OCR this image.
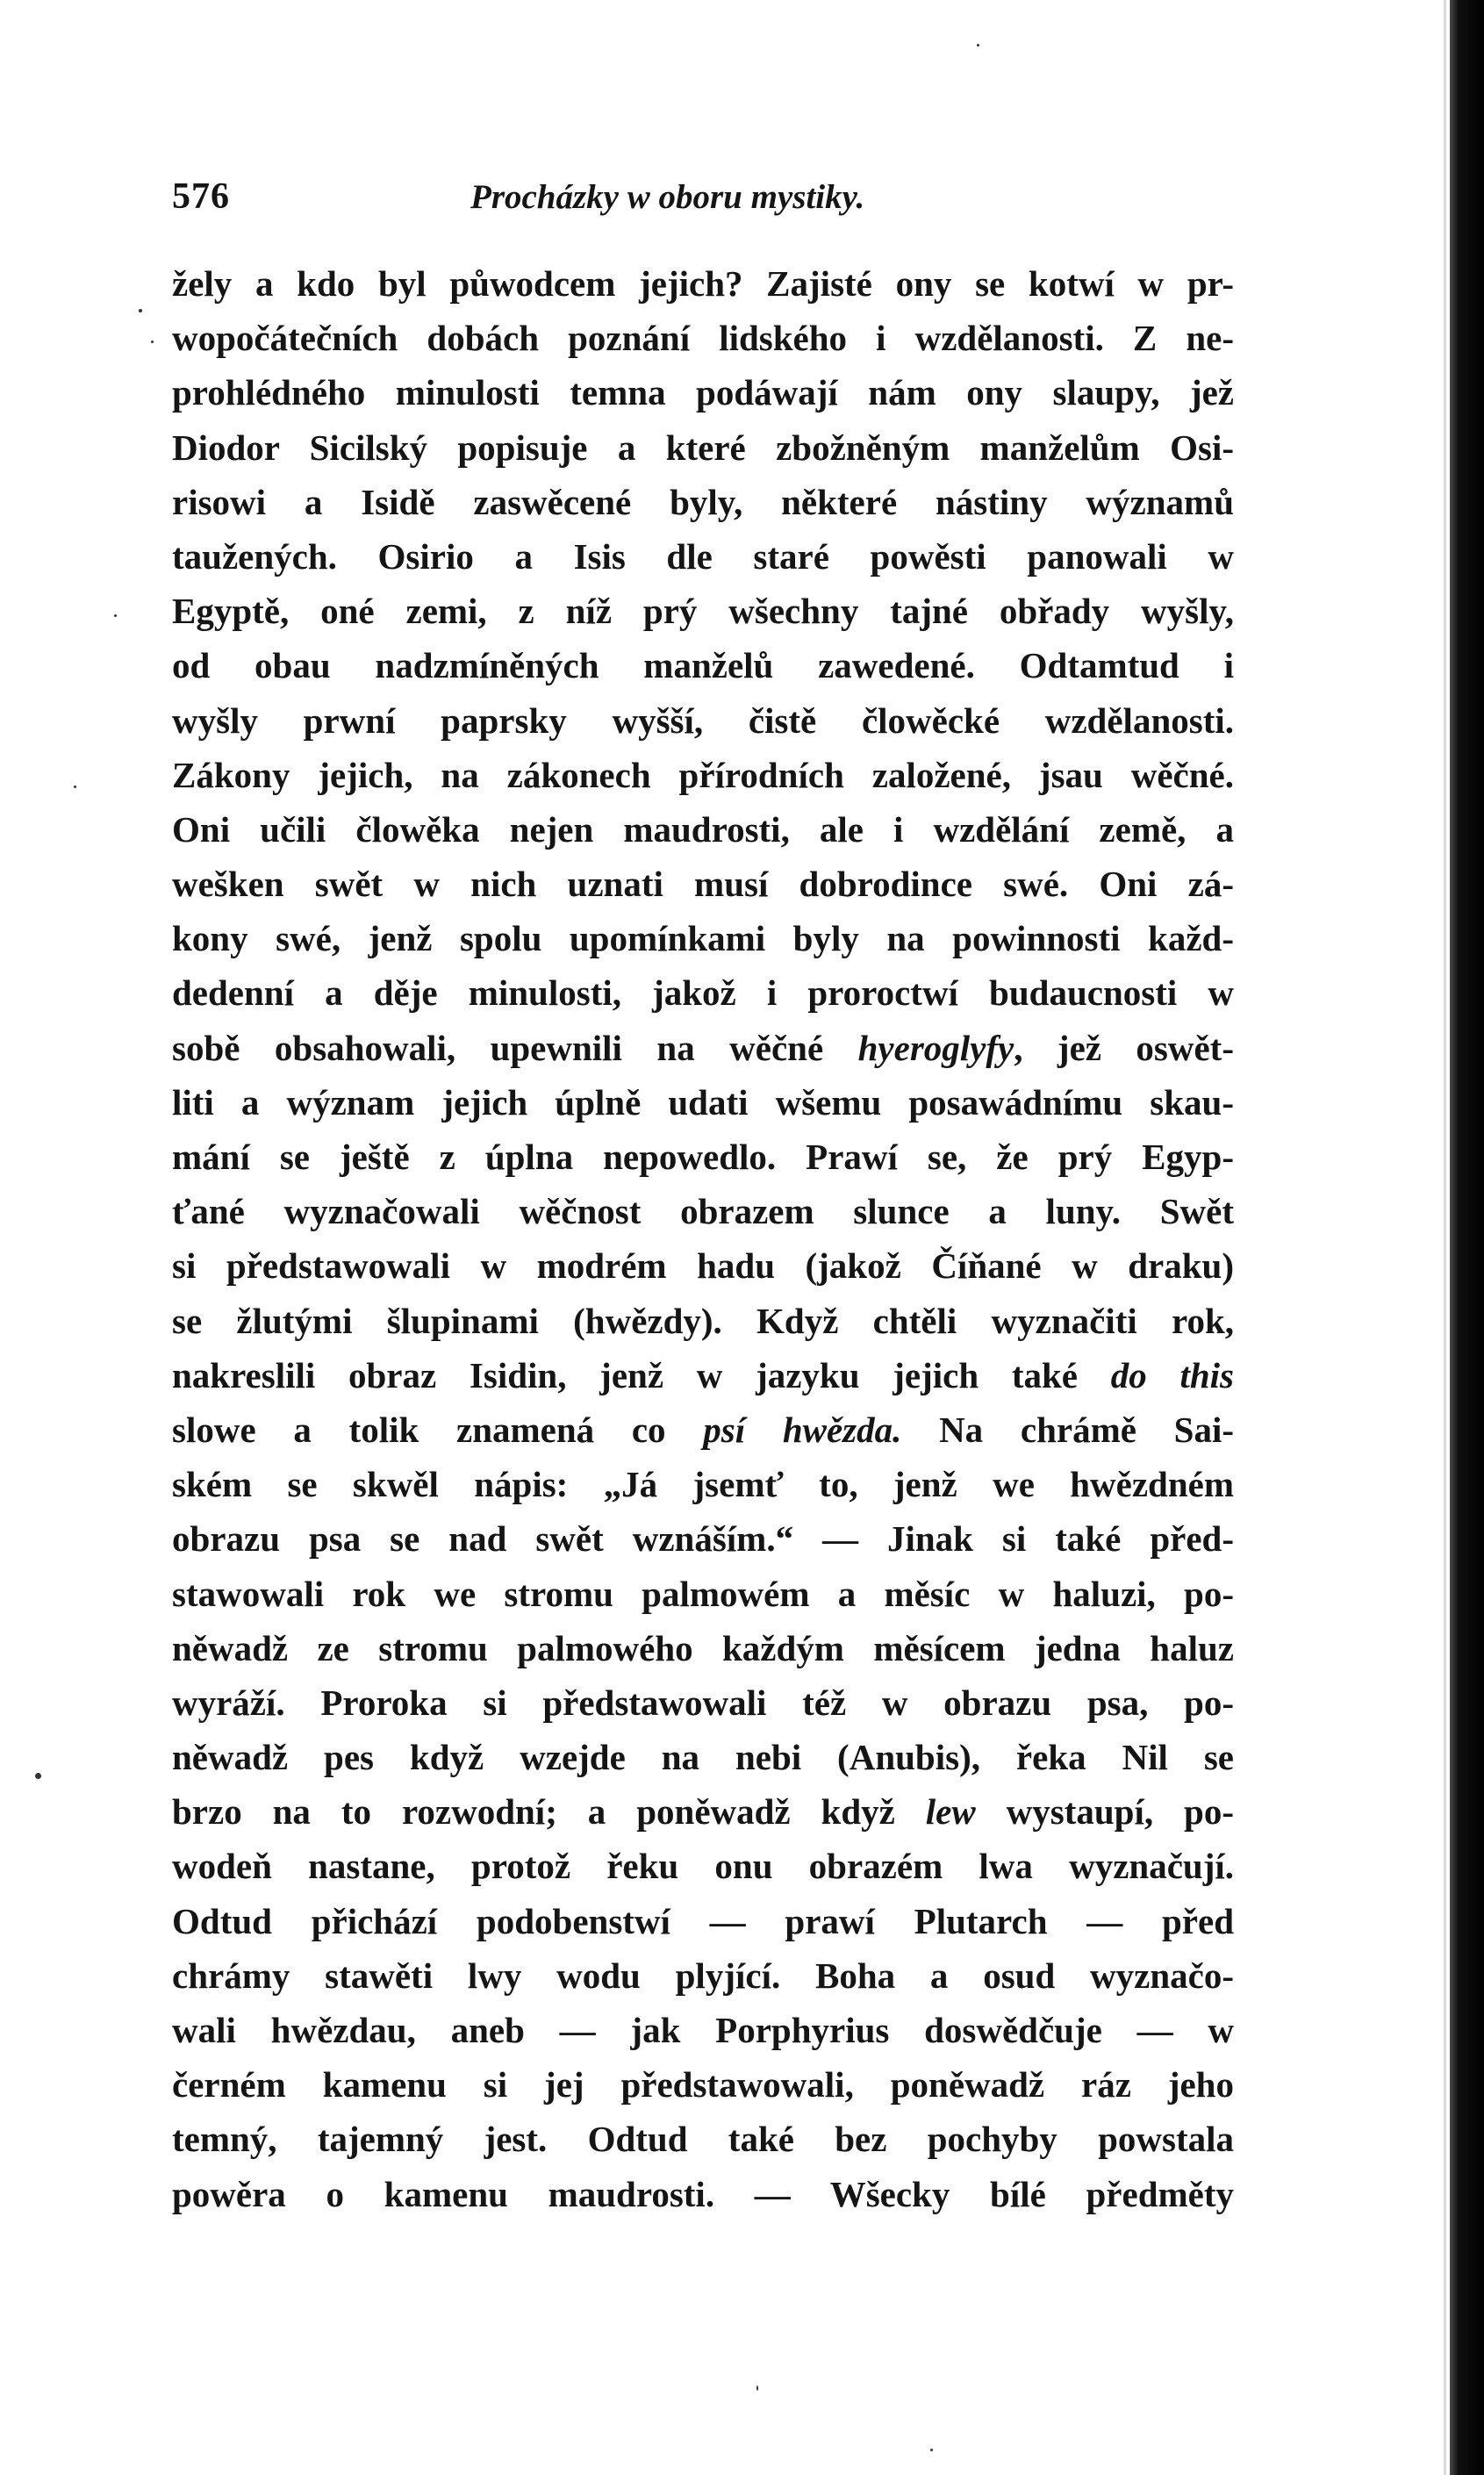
576	Procházky w oboru mystiky.
žely a kdo byl půwodcem jejich? Zajisté ony se kotwí w pr-
wopočátečních dobách poznání lidského i wzdělanosti. Z ne-
prohlédného minulosti temna podáwají nám ony slaupy, jež
Diodor Sicilský popisuje a které zbožněným manželům Osi-
risowi a Isidě zaswěcené byly, některé nástiny wýznamů
taužených. Osirio a Isis dle staré powěsti panowali w
Egyptě, oné zemi, z níž prý wšechny tajné obřady wyšly,
od obau nadzmíněných manželů zawedené. Odtamtud i
wyšly prwní paprsky wyšší, čistě člowěcké wzdělanosti.
Zákony jejich, na zákonech přírodních založené, jsau wěčné.
Oni učili člowěka nejen maudrosti, ale i wzdělání země, a
wešken swět w nich uznati musí dobrodince swé. Oni zá-
kony swé, jenž spolu upomínkami byly na powinnosti každ-
dedenní a děje minulosti, jakož i proroctwí budaucnosti w
sobě obsahowali, upewnili na wěčné hyeroglyfy, jež oswět-
liti a wýznam jejich úplně udati wšemu posawádnímu skau-
mání se ještě z úplna nepowedlo. Prawí se, že prý Egyp-
ťané wyznačowali wěčnost obrazem slunce a luny. Swět
si předstawowali w modrém hadu (jakož Číňané w draku)
se žlutými šlupinami (hwězdy). Když chtěli wyznačiti rok,
nakreslili obraz Isidin, jenž w jazyku jejich také do this
slowe a tolik znamená co psí hwězda. Na chrámě Sai-
ském se skwěl nápis: „Já jsemť to, jenž we hwězdném
obrazu psa se nad swět wznáším.“ — Jinak si také před-
stawowali rok we stromu palmowém a měsíc w haluzi, po-
něwadž ze stromu palmowého každým měsícem jedna haluz
wyráží. Proroka si předstawowali též w obrazu psa, po-
něwadž pes když wzejde na nebi (Anubis), řeka Nil se
brzo na to rozwodní; a poněwadž když lew wystaupí, po-
wodeň nastane, protož řeku onu obrazém lwa wyznačují.
Odtud přichází podobenstwí — prawí Plutarch — před
chrámy stawěti lwy wodu plyjící. Boha a osud wyznačo-
wali hwězdau, aneb — jak Porphyrius doswědčuje — w
černém kamenu si jej předstawowali, poněwadž ráz jeho
temný, tajemný jest. Odtud také bez pochyby powstala
powěra o kamenu maudrosti. — Wšecky bílé předměty
